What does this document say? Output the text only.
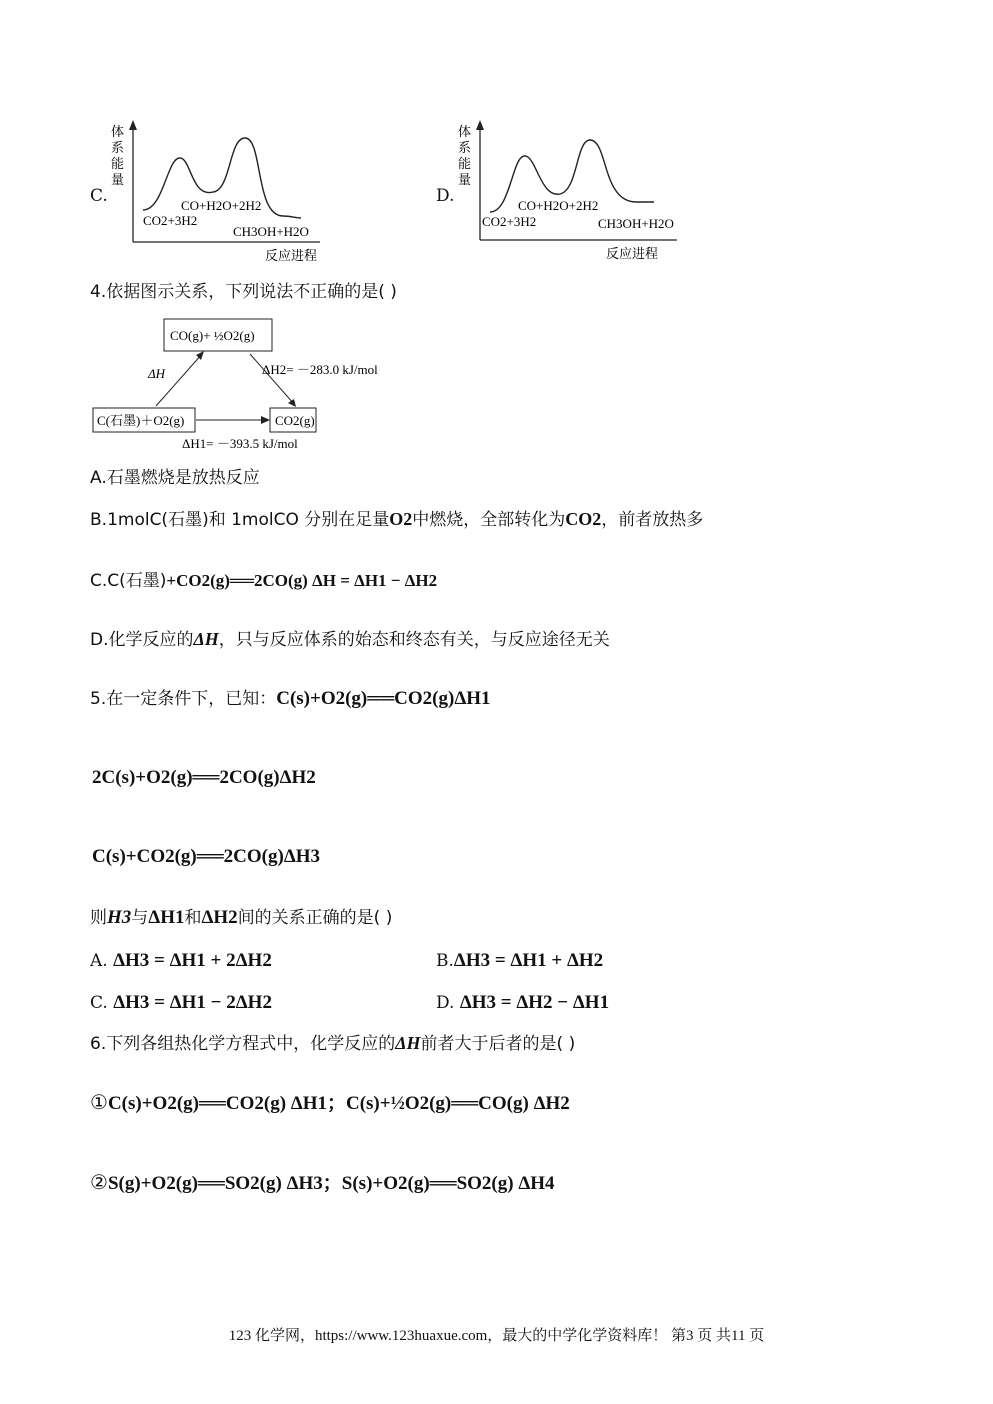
C.
体
系
能
量
CO+H2O+2H2
CO2+3H2
CH3OH+H2O
反应进程
D.
体
系
能
量
CO+H2O+2H2
CO2+3H2	CH3OH+H2O
反应进程
4.依据图示关系，下列说法不正确的是( )
CO(g)+ ½O2(g)
C(石墨)＋O2(g)	CO2(g)
ΔH	ΔH2= －283.0 kJ/mol
ΔH1= －393.5 kJ/mol
A.石墨燃烧是放热反应
B.1molC(石墨)和 1molCO 分别在足量O2中燃烧，全部转化为CO2，前者放热多
C.C(石墨)+CO2(g)══2CO(g) ΔH = ΔH1 − ΔH2
D.化学反应的ΔH，只与反应体系的始态和终态有关，与反应途径无关
5.在一定条件下，已知：C(s)+O2(g)══CO2(g)ΔH1
2C(s)+O2(g)══2CO(g)ΔH2
C(s)+CO2(g)══2CO(g)ΔH3
则H3与ΔH1和ΔH2间的关系正确的是( )
A. ΔH3 = ΔH1 + 2ΔH2	B.ΔH3 = ΔH1 + ΔH2
C. ΔH3 = ΔH1 − 2ΔH2	D. ΔH3 = ΔH2 − ΔH1
6.下列各组热化学方程式中，化学反应的ΔH前者大于后者的是( )
①C(s)+O2(g)══CO2(g) ΔH1；C(s)+½O2(g)══CO(g) ΔH2
②S(g)+O2(g)══SO2(g) ΔH3；S(s)+O2(g)══SO2(g) ΔH4
123 化学网，https://www.123huaxue.com，最大的中学化学资料库！ 第3 页 共11 页
